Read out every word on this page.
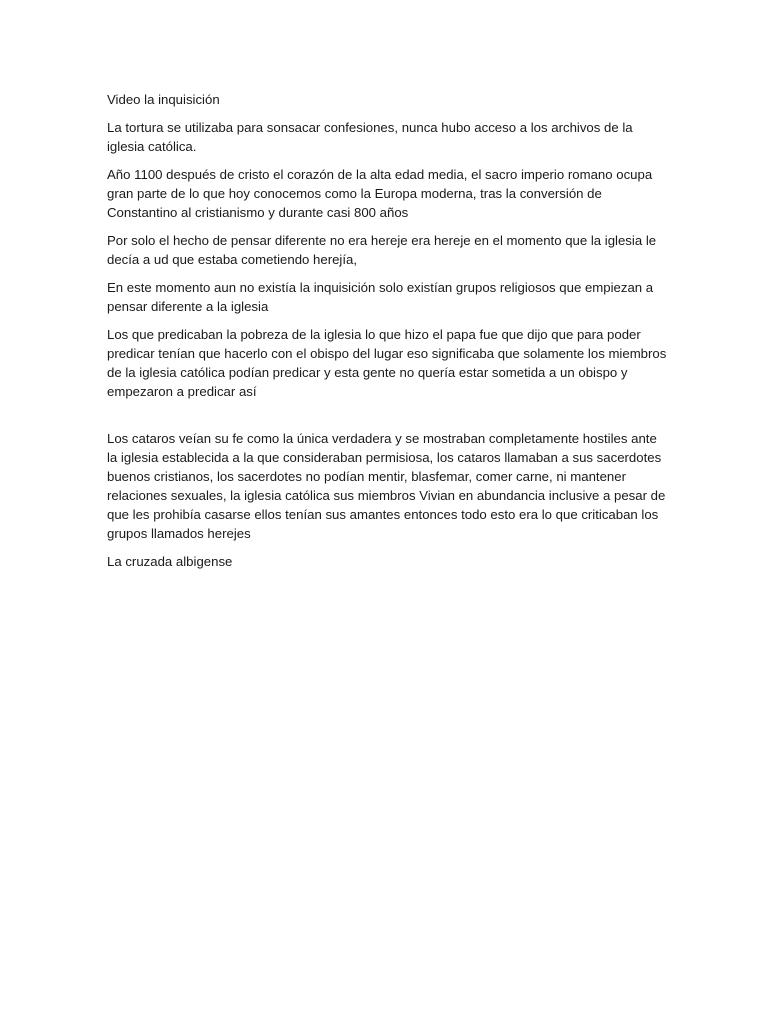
Video la inquisición

La tortura se utilizaba para sonsacar confesiones, nunca hubo acceso a los archivos de la iglesia católica.

Año 1100 después de cristo el corazón de la alta edad media, el sacro imperio romano ocupa gran parte de lo que hoy conocemos como la Europa moderna, tras la conversión de Constantino al cristianismo y durante casi 800 años

Por solo el hecho de pensar diferente no era hereje era hereje en el momento que la iglesia le decía a ud que estaba cometiendo herejía,

En este momento aun no existía la inquisición solo existían grupos religiosos que empiezan a pensar diferente a la iglesia

Los que predicaban la pobreza de la iglesia lo que hizo el papa fue que dijo que para poder predicar tenían que hacerlo con el obispo del lugar eso significaba que solamente los miembros de la iglesia católica podían predicar y esta gente no quería estar sometida a un obispo y empezaron a predicar así

Los cataros veían su fe como la única verdadera y se mostraban completamente hostiles ante la iglesia establecida a la que consideraban permisiosa, los cataros llamaban a sus sacerdotes buenos cristianos, los sacerdotes no podían mentir, blasfemar, comer carne, ni mantener relaciones sexuales, la iglesia católica sus miembros Vivian en abundancia inclusive a pesar de que les prohibía casarse ellos tenían sus amantes entonces todo esto era lo que criticaban los grupos llamados herejes

La cruzada albigense
